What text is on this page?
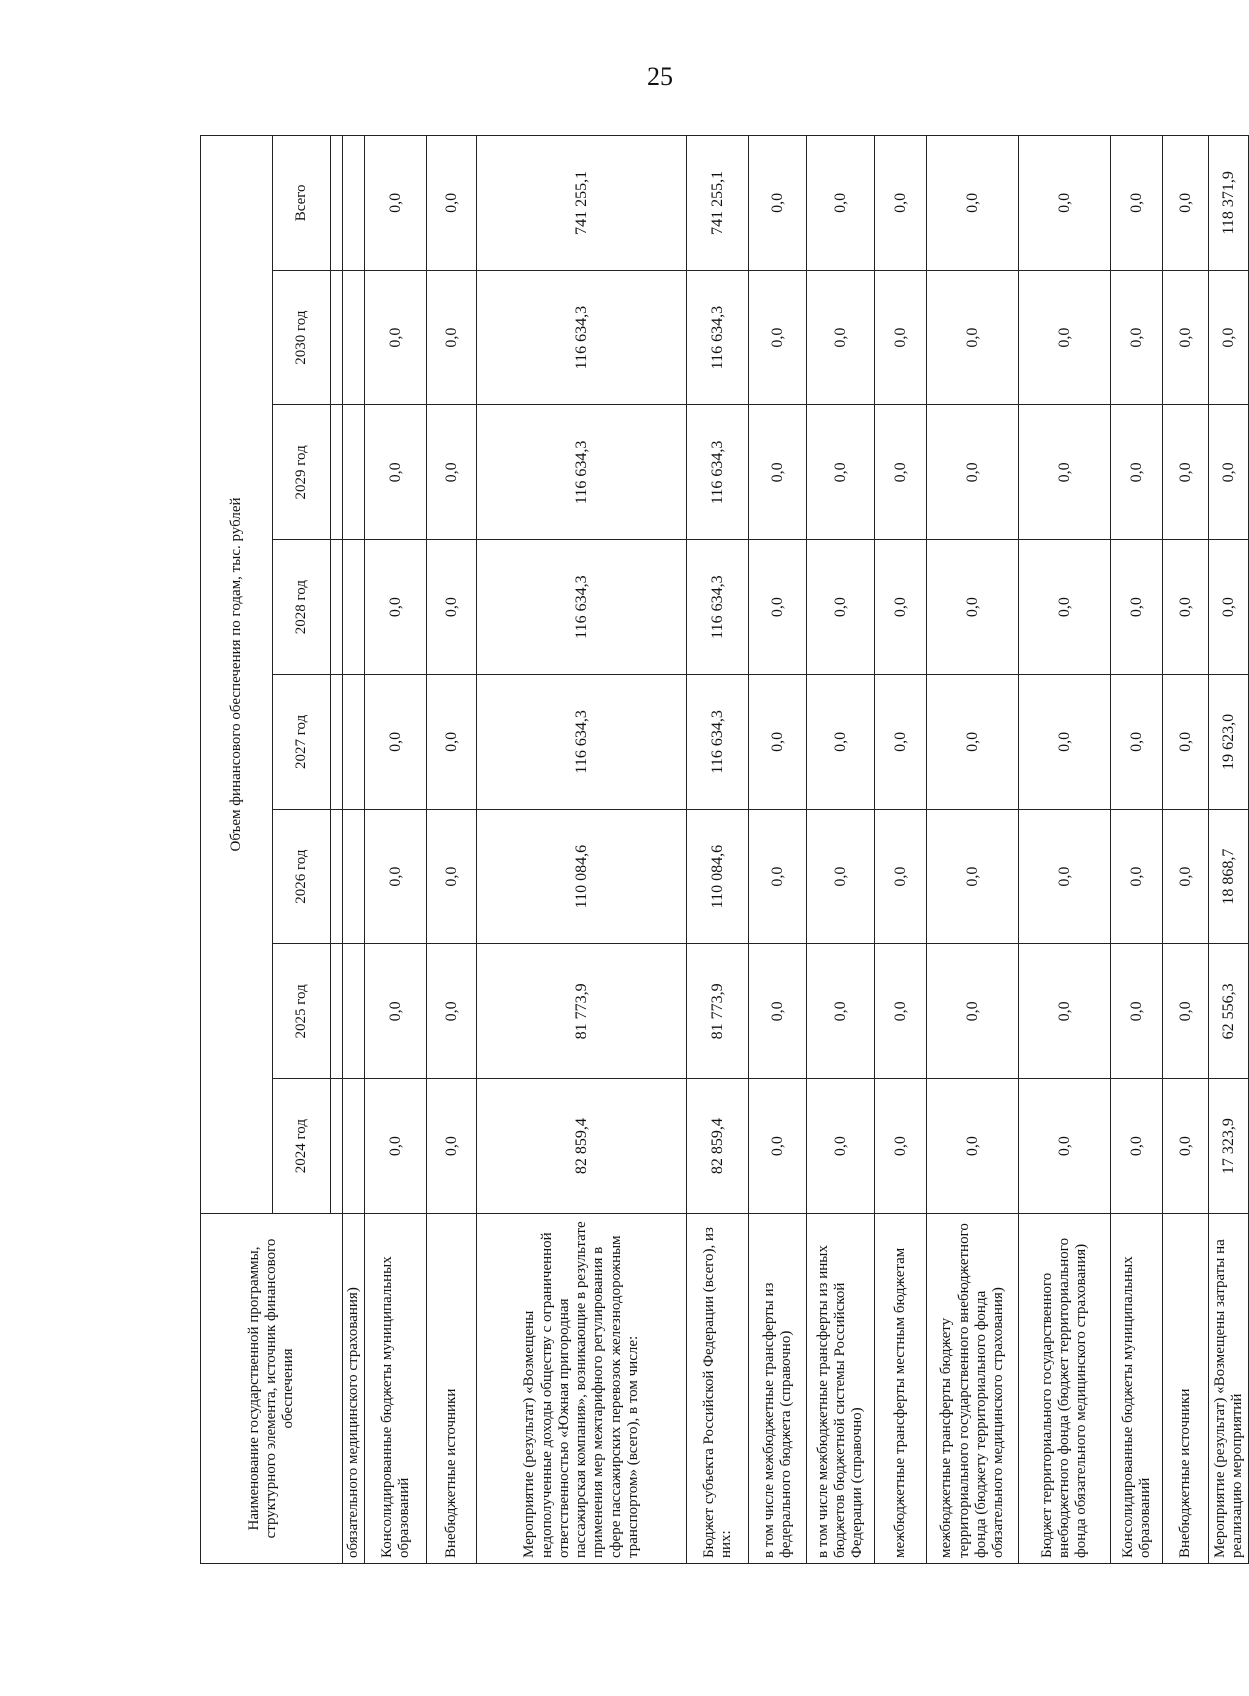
25
Наименование государственной программы, структурного элемента, источник финансового обеспечения	Объем финансового обеспечения по годам, тыс. рублей							
	2024 год	2025 год	2026 год	2027 год	2028 год	2029 год	2030 год	Всего

обязательного медицинского страхования)								
Консолидированные бюджеты муниципальных образований	0,0	0,0	0,0	0,0	0,0	0,0	0,0	0,0
Внебюджетные источники	0,0	0,0	0,0	0,0	0,0	0,0	0,0	0,0
Мероприятие (результат) «Возмещены недополученные доходы обществу с ограниченной ответственностью «Южная пригородная пассажирская компания», возникающие в результате применения мер межтарифного регулирования в сфере пассажирских перевозок железнодорожным транспортом» (всего), в том числе:	82 859,4	81 773,9	110 084,6	116 634,3	116 634,3	116 634,3	116 634,3	741 255,1
Бюджет субъекта Российской Федерации (всего), из них:	82 859,4	81 773,9	110 084,6	116 634,3	116 634,3	116 634,3	116 634,3	741 255,1
в том числе межбюджетные трансферты из федерального бюджета (справочно)	0,0	0,0	0,0	0,0	0,0	0,0	0,0	0,0
в том числе межбюджетные трансферты из иных бюджетов бюджетной системы Российской Федерации (справочно)	0,0	0,0	0,0	0,0	0,0	0,0	0,0	0,0
межбюджетные трансферты местным бюджетам	0,0	0,0	0,0	0,0	0,0	0,0	0,0	0,0
межбюджетные трансферты бюджету территориального государственного внебюджетного фонда (бюджету территориального фонда обязательного медицинского страхования)	0,0	0,0	0,0	0,0	0,0	0,0	0,0	0,0
Бюджет территориального государственного внебюджетного фонда (бюджет территориального фонда обязательного медицинского страхования)	0,0	0,0	0,0	0,0	0,0	0,0	0,0	0,0
Консолидированные бюджеты муниципальных образований	0,0	0,0	0,0	0,0	0,0	0,0	0,0	0,0
Внебюджетные источники	0,0	0,0	0,0	0,0	0,0	0,0	0,0	0,0
Мероприятие (результат) «Возмещены затраты на реализацию мероприятий	17 323,9	62 556,3	18 868,7	19 623,0	0,0	0,0	0,0	118 371,9
